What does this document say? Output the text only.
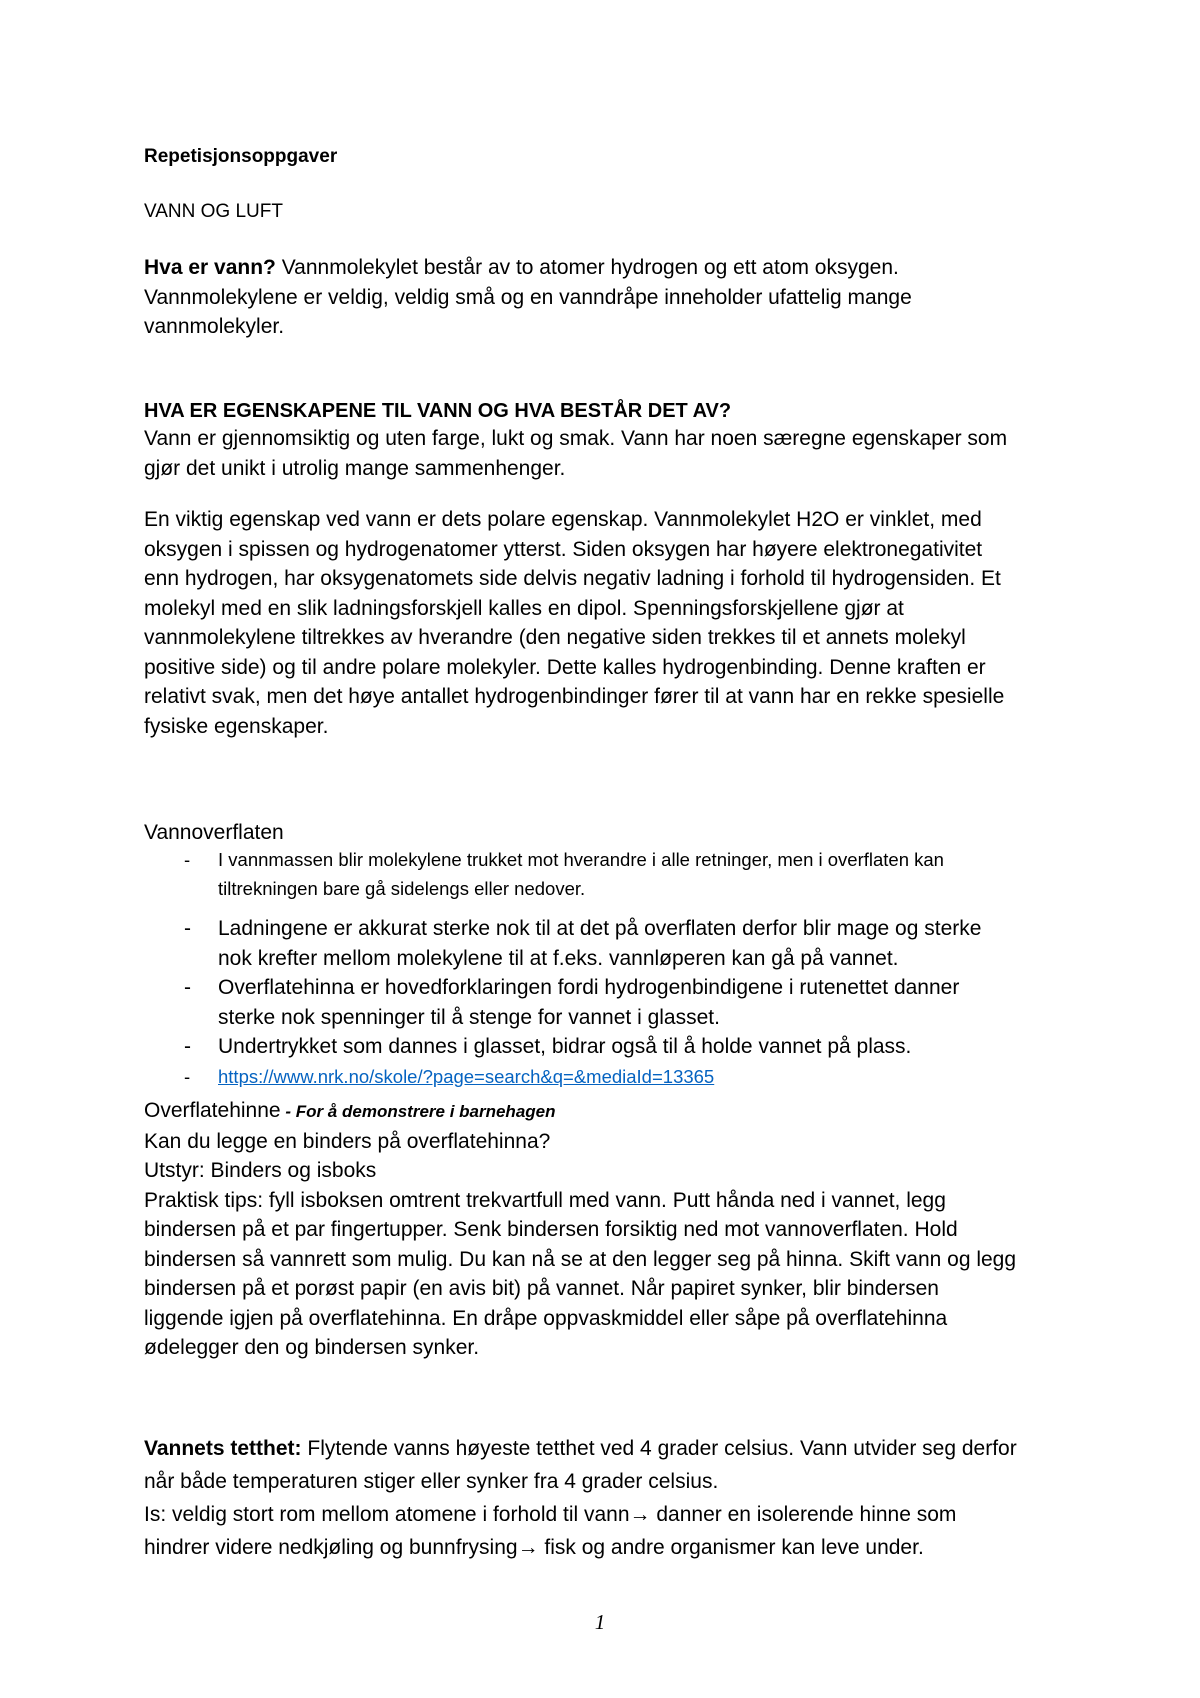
Repetisjonsoppgaver
VANN OG LUFT
Hva er vann? Vannmolekylet består av to atomer hydrogen og ett atom oksygen.
Vannmolekylene er veldig, veldig små og en vanndråpe inneholder ufattelig mange
vannmolekyler.
HVA ER EGENSKAPENE TIL VANN OG HVA BESTÅR DET AV?
Vann er gjennomsiktig og uten farge, lukt og smak. Vann har noen særegne egenskaper som
gjør det unikt i utrolig mange sammenhenger.
En viktig egenskap ved vann er dets polare egenskap. Vannmolekylet H2O er vinklet, med
oksygen i spissen og hydrogenatomer ytterst. Siden oksygen har høyere elektronegativitet
enn hydrogen, har oksygenatomets side delvis negativ ladning i forhold til hydrogensiden. Et
molekyl med en slik ladningsforskjell kalles en dipol. Spenningsforskjellene gjør at
vannmolekylene tiltrekkes av hverandre (den negative siden trekkes til et annets molekyl
positive side) og til andre polare molekyler. Dette kalles hydrogenbinding. Denne kraften er
relativt svak, men det høye antallet hydrogenbindinger fører til at vann har en rekke spesielle
fysiske egenskaper.
Vannoverflaten
- I vannmassen blir molekylene trukket mot hverandre i alle retninger, men i overflaten kan
tiltrekningen bare gå sidelengs eller nedover.
- Ladningene er akkurat sterke nok til at det på overflaten derfor blir mage og sterke
nok krefter mellom molekylene til at f.eks. vannløperen kan gå på vannet.
- Overflatehinna er hovedforklaringen fordi hydrogenbindigene i rutenettet danner
sterke nok spenninger til å stenge for vannet i glasset.
- Undertrykket som dannes i glasset, bidrar også til å holde vannet på plass.
- https://www.nrk.no/skole/?page=search&q=&mediaId=13365
Overflatehinne - For å demonstrere i barnehagen
Kan du legge en binders på overflatehinna?
Utstyr: Binders og isboks
Praktisk tips: fyll isboksen omtrent trekvartfull med vann. Putt hånda ned i vannet, legg
bindersen på et par fingertupper. Senk bindersen forsiktig ned mot vannoverflaten. Hold
bindersen så vannrett som mulig. Du kan nå se at den legger seg på hinna. Skift vann og legg
bindersen på et porøst papir (en avis bit) på vannet. Når papiret synker, blir bindersen
liggende igjen på overflatehinna. En dråpe oppvaskmiddel eller såpe på overflatehinna
ødelegger den og bindersen synker.
Vannets tetthet: Flytende vanns høyeste tetthet ved 4 grader celsius. Vann utvider seg derfor
når både temperaturen stiger eller synker fra 4 grader celsius.
Is: veldig stort rom mellom atomene i forhold til vann→ danner en isolerende hinne som
hindrer videre nedkjøling og bunnfrysing→ fisk og andre organismer kan leve under.
1
